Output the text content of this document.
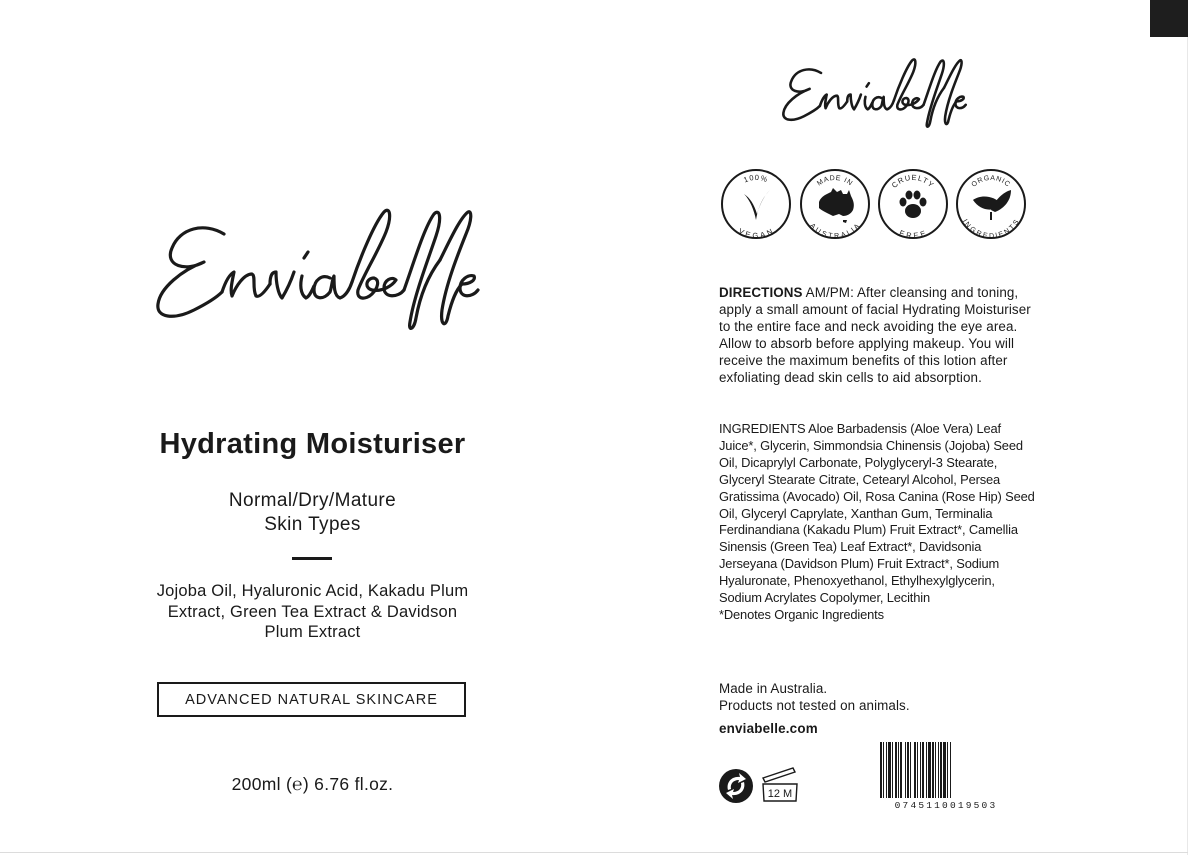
Hydrating Moisturiser
Normal/Dry/Mature
Skin Types
Jojoba Oil, Hyaluronic Acid, Kakadu Plum Extract, Green Tea Extract & Davidson Plum Extract
ADVANCED NATURAL SKINCARE
200ml (℮) 6.76 fl.oz.
100%
VEGAN
MADE IN
AUSTRALIA
CRUELTY
FREE
ORGANIC
INGREDIENTS
DIRECTIONS AM/PM: After cleansing and toning, apply a small amount of facial Hydrating Moisturiser to the entire face and neck avoiding the eye area. Allow to absorb before applying makeup. You will receive the maximum benefits of this lotion after exfoliating dead skin cells to aid absorption.
INGREDIENTS Aloe Barbadensis (Aloe Vera) Leaf Juice*, Glycerin, Simmondsia Chinensis (Jojoba) Seed Oil, Dicaprylyl Carbonate, Polyglyceryl-3 Stearate, Glyceryl Stearate Citrate, Cetearyl Alcohol, Persea Gratissima (Avocado) Oil, Rosa Canina (Rose Hip) Seed Oil, Glyceryl Caprylate, Xanthan Gum, Terminalia Ferdinandiana (Kakadu Plum) Fruit Extract*, Camellia Sinensis (Green Tea) Leaf Extract*, Davidsonia Jerseyana (Davidson Plum) Fruit Extract*, Sodium Hyaluronate, Phenoxyethanol, Ethylhexylglycerin, Sodium Acrylates Copolymer, Lecithin
*Denotes Organic Ingredients
Made in Australia.
Products not tested on animals.
enviabelle.com
12 M
0745110019503
